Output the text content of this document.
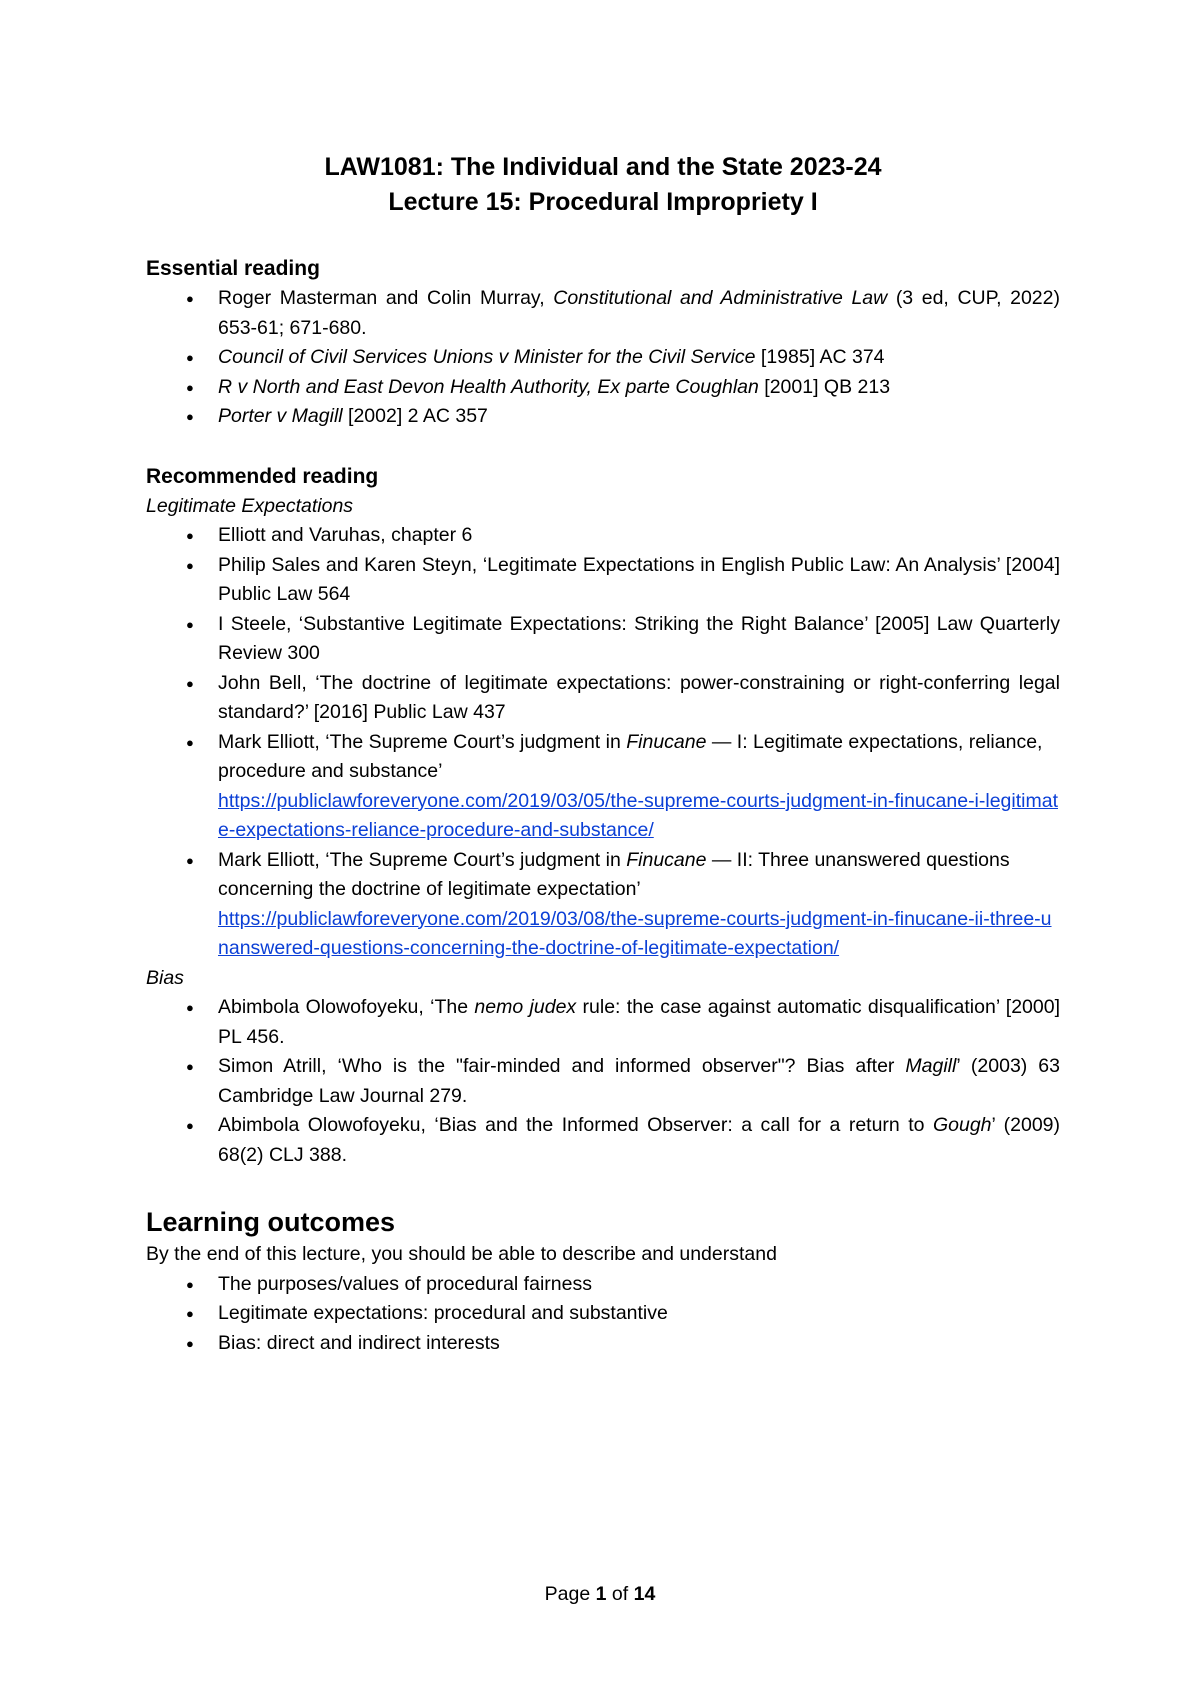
LAW1081: The Individual and the State 2023-24
Lecture 15: Procedural Impropriety I
Essential reading
● Roger Masterman and Colin Murray, Constitutional and Administrative Law (3 ed, CUP, 2022) 653-61; 671-680.
● Council of Civil Services Unions v Minister for the Civil Service [1985] AC 374
● R v North and East Devon Health Authority, Ex parte Coughlan [2001] QB 213
● Porter v Magill [2002] 2 AC 357
Recommended reading

Legitimate Expectations

● Elliott and Varuhas, chapter 6
● Philip Sales and Karen Steyn, ‘Legitimate Expectations in English Public Law: An Analysis’ [2004] Public Law 564
● I Steele, ‘Substantive Legitimate Expectations: Striking the Right Balance’ [2005] Law Quarterly Review 300
● John Bell, ‘The doctrine of legitimate expectations: power-constraining or right-conferring legal standard?’ [2016] Public Law 437
● Mark Elliott, ‘The Supreme Court’s judgment in Finucane — I: Legitimate expectations, reliance, procedure and substance’
https://publiclawforeveryone.com/2019/03/05/the-supreme-courts-judgment-in-finucane-i-legitimate-expectations-reliance-procedure-and-substance/
● Mark Elliott, ‘The Supreme Court’s judgment in Finucane — II: Three unanswered questions concerning the doctrine of legitimate expectation’
https://publiclawforeveryone.com/2019/03/08/the-supreme-courts-judgment-in-finucane-ii-three-unanswered-questions-concerning-the-doctrine-of-legitimate-expectation/

Bias

● Abimbola Olowofoyeku, ‘The nemo judex rule: the case against automatic disqualification’ [2000] PL 456.
● Simon Atrill, ‘Who is the "fair-minded and informed observer"? Bias after Magill’ (2003) 63 Cambridge Law Journal 279.
● Abimbola Olowofoyeku, ‘Bias and the Informed Observer: a call for a return to Gough’ (2009) 68(2) CLJ 388.
Learning outcomes

By the end of this lecture, you should be able to describe and understand

● The purposes/values of procedural fairness
● Legitimate expectations: procedural and substantive
● Bias: direct and indirect interests
Page 1 of 14
